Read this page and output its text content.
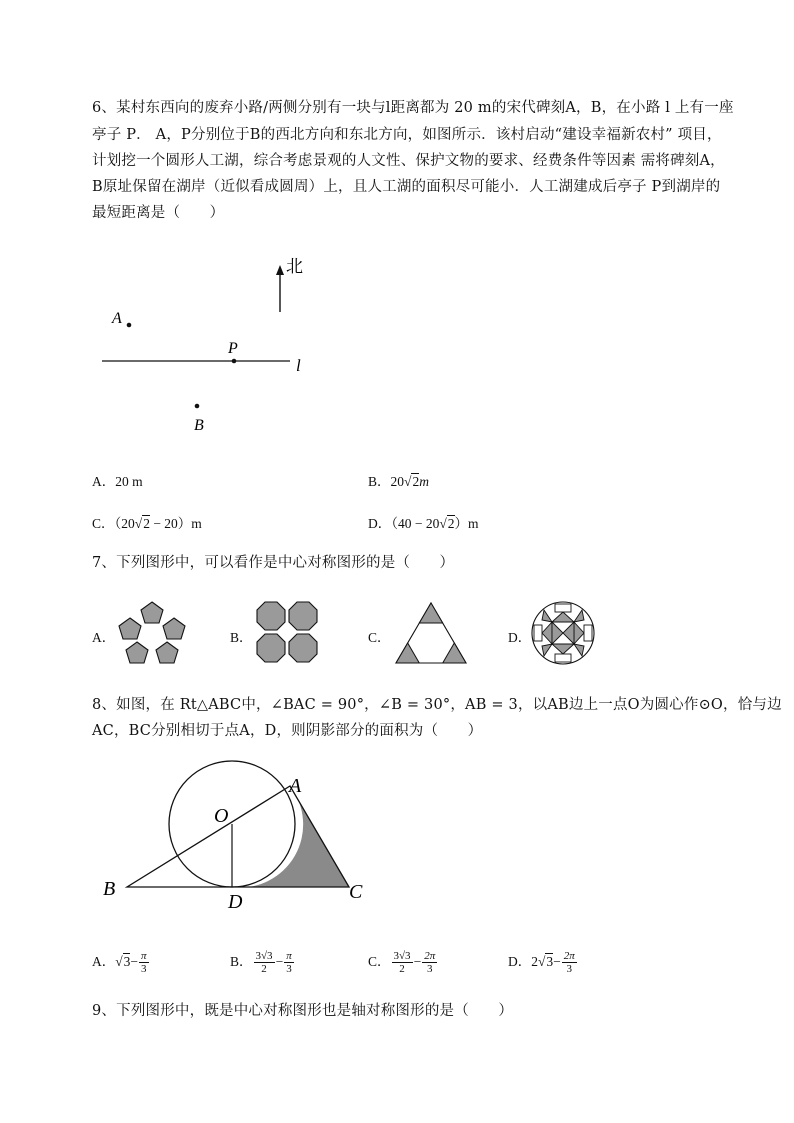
6、某村东西向的废弃小路/两侧分别有一块与l距离都为 20 m的宋代碑刻A，B，在小路 l 上有一座
亭子 P． A，P分别位于B的西北方向和东北方向，如图所示．该村启动“建设幸福新农村” 项目，
计划挖一个圆形人工湖，综合考虑景观的人文性、保护文物的要求、经费条件等因素 需将碑刻A，
B原址保留在湖岸（近似看成圆周）上，且人工湖的面积尽可能小．人工湖建成后亭子 P到湖岸的
最短距离是（　　）
北
A
P
l
B
A．20 m	B．20√2m
C．（20√2 − 20）m	D．（40 − 20√2）m
7、下列图形中，可以看作是中心对称图形的是（　　）
A．	B．	C．	D．
8、如图，在 Rt△ABC中，∠BAC = 90°，∠B = 30°，AB = 3，以AB边上一点O为圆心作⊙O，恰与边
AC，BC分别相切于点A，D，则阴影部分的面积为（　　）
O
A
B
D	C
A．$√3- \frac{\pi}{3}$	B． $\frac{3√3}{2} - \frac{\pi}{3}$	C． $\frac{3√3}{2} - \frac{2\pi}{3}$	D．$2√3- \frac{2\pi}{3}$
9、下列图形中，既是中心对称图形也是轴对称图形的是（　　）
